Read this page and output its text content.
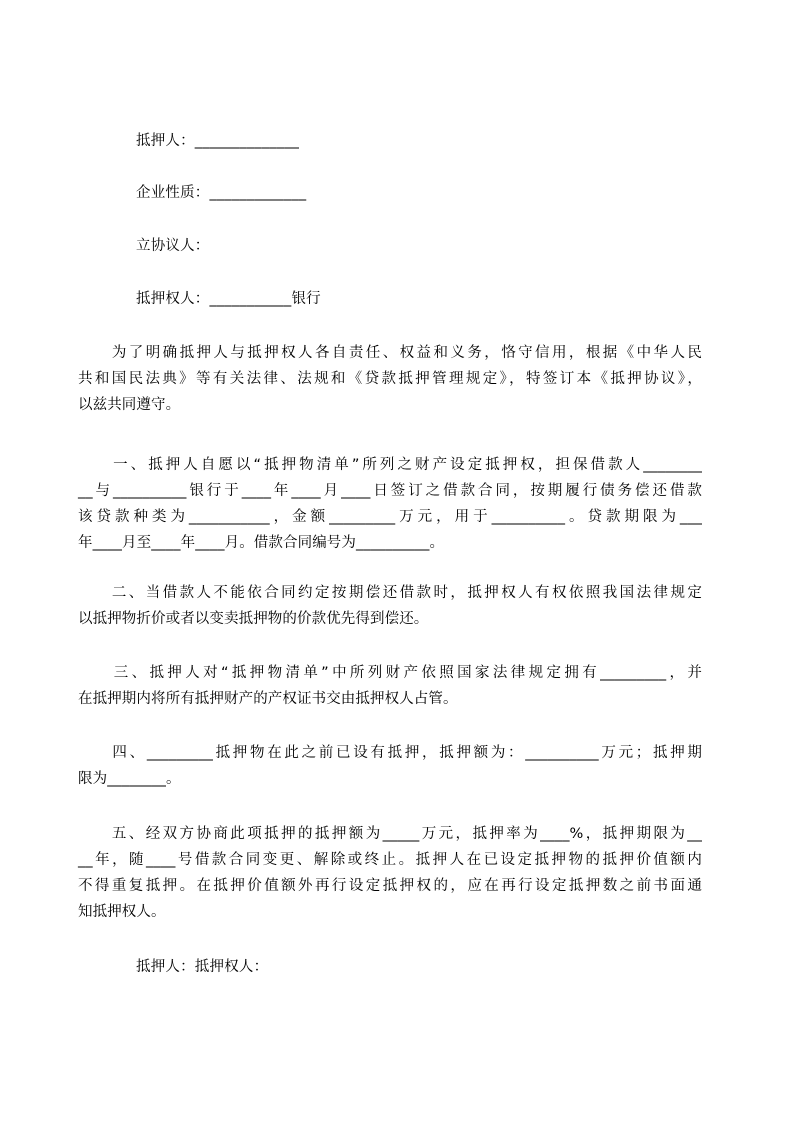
抵押人：______________
企业性质：_____________
立协议人：
抵押权人：___________银行
　　为了明确抵押人与抵押权人各自责任、权益和义务，恪守信用，根据《中华人民
共和国民法典》等有关法律、法规和《贷款抵押管理规定》，特签订本《抵押协议》，
以兹共同遵守。
　　一、抵押人自愿以“抵押物清单”所列之财产设定抵押权，担保借款人________
__与__________银行于____年____月____日签订之借款合同，按期履行债务偿还借款
该贷款种类为___________，金额_________万元，用于__________。贷款期限为___
年____月至____年____月。借款合同编号为__________。
　　二、当借款人不能依合同约定按期偿还借款时，抵押权人有权依照我国法律规定
以抵押物折价或者以变卖抵押物的价款优先得到偿还。
　　三、抵押人对“抵押物清单”中所列财产依照国家法律规定拥有_________，并
在抵押期内将所有抵押财产的产权证书交由抵押权人占管。
　　四、_________抵押物在此之前已设有抵押，抵押额为：__________万元；抵押期
限为________。
　　五、经双方协商此项抵押的抵押额为_____万元，抵押率为____%，抵押期限为__
__年，随____号借款合同变更、解除或终止。抵押人在已设定抵押物的抵押价值额内
不得重复抵押。在抵押价值额外再行设定抵押权的，应在再行设定抵押数之前书面通
知抵押权人。
抵押人：抵押权人：
